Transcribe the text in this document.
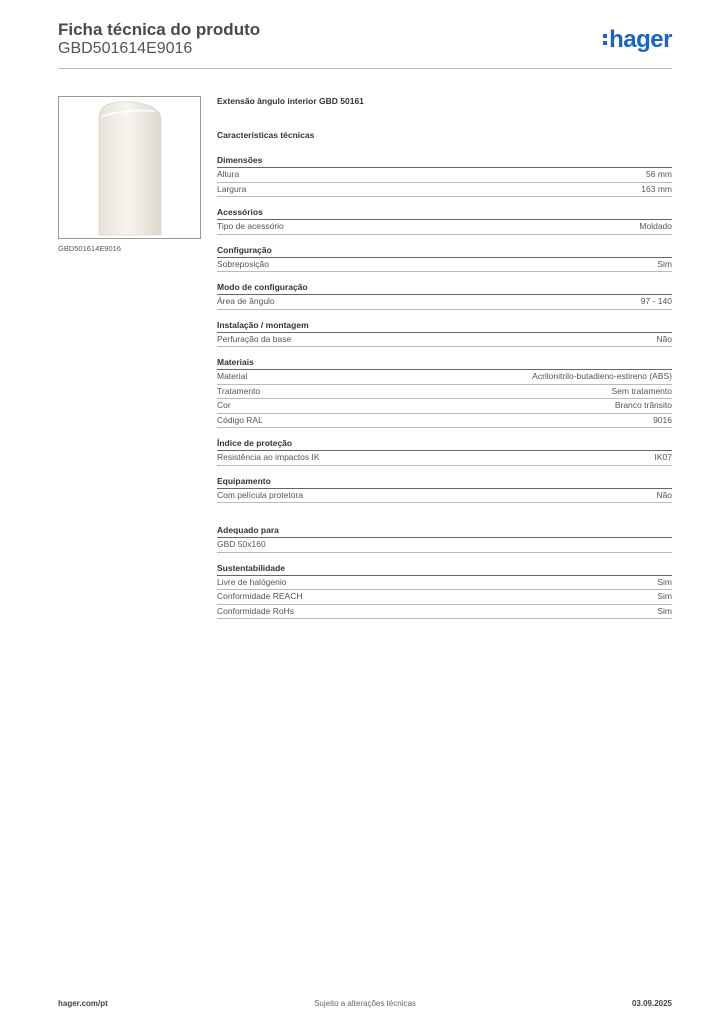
Ficha técnica do produto
GBD501614E9016	hager
GBD501614E9016
Extensão ângulo interior GBD 50161
Características técnicas
Dimensões
Altura	56 mm
Largura	163 mm
Acessórios
Tipo de acessório	Moldado
Configuração
Sobreposição	Sim
Modo de configuração
Área de ângulo	97 - 140
Instalação / montagem
Perfuração da base	Não
Materiais
Material	Acrilonitrilo-butadieno-estireno (ABS)
Tratamento	Sem tratamento
Cor	Branco trânsito
Código RAL	9016
Índice de proteção
Resistência ao impactos IK	IK07
Equipamento
Com película protetora	Não
Adequado para
GBD 50x160
Sustentabilidade
Livre de halógenio	Sim
Conformidade REACH	Sim
Conformidade RoHs	Sim
hager.com/pt	Sujeito a alterações técnicas	03.09.2025
